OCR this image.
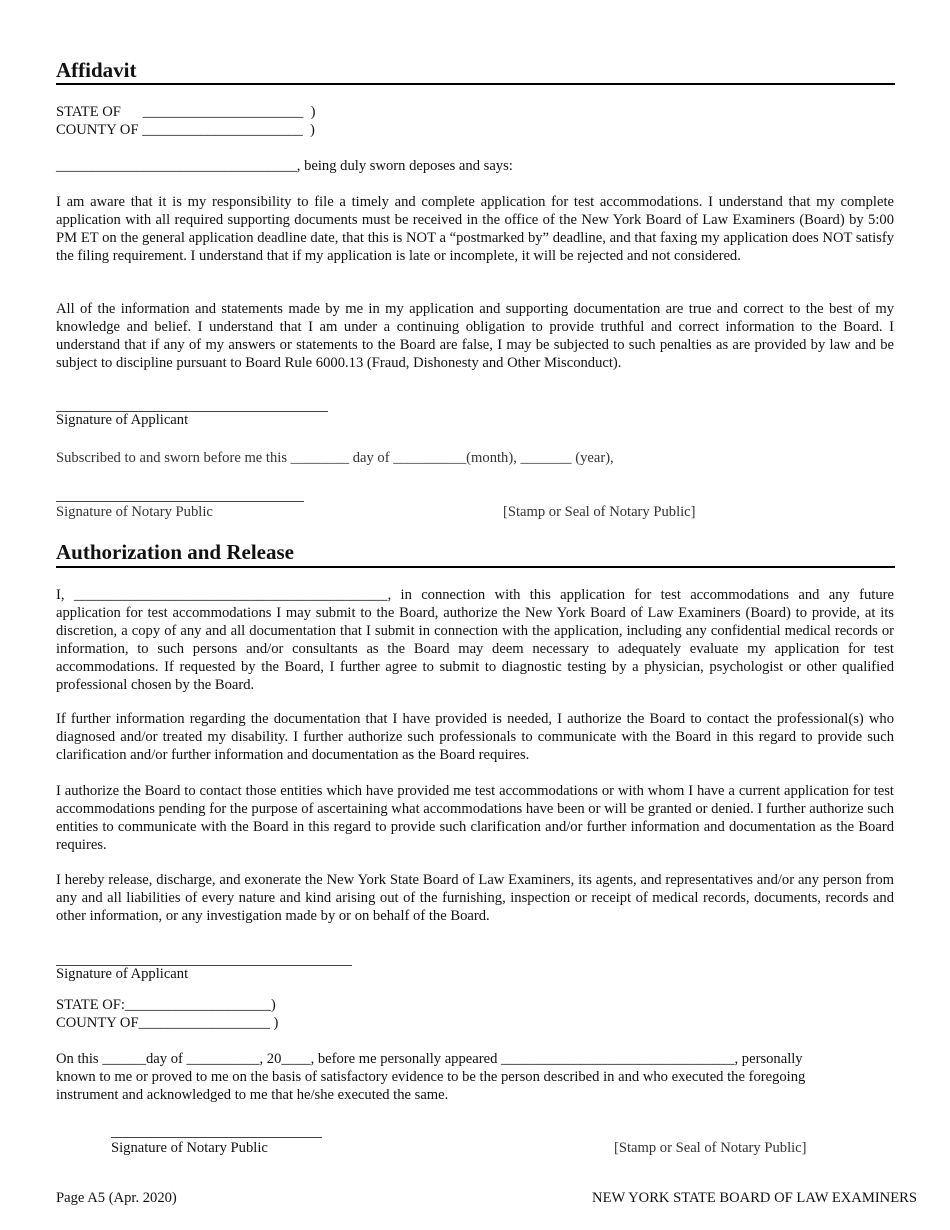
Affidavit
STATE OF      ______________________  )
COUNTY OF ______________________  )
_________________________________, being duly sworn deposes and says:

I am aware that it is my responsibility to file a timely and complete application for test accommodations. I understand that my complete application with all required supporting documents must be received in the office of the New York Board of Law Examiners (Board) by 5:00 PM ET on the general application deadline date, that this is NOT a “postmarked by” deadline, and that faxing my application does NOT satisfy the filing requirement. I understand that if my application is late or incomplete, it will be rejected and not considered.

All of the information and statements made by me in my application and supporting documentation are true and correct to the best of my knowledge and belief. I understand that I am under a continuing obligation to provide truthful and correct information to the Board. I understand that if any of my answers or statements to the Board are false, I may be subjected to such penalties as are provided by law and be subject to discipline pursuant to Board Rule 6000.13 (Fraud, Dishonesty and Other Misconduct).

Signature of Applicant
Subscribed to and sworn before me this ________ day of __________(month), _______ (year),
Signature of Notary Public	[Stamp or Seal of Notary Public]
Authorization and Release

I, ___________________________________________, in connection with this application for test accommodations and any future application for test accommodations I may submit to the Board, authorize the New York Board of Law Examiners (Board) to provide, at its discretion, a copy of any and all documentation that I submit in connection with the application, including any confidential medical records or information, to such persons and/or consultants as the Board may deem necessary to adequately evaluate my application for test accommodations. If requested by the Board, I further agree to submit to diagnostic testing by a physician, psychologist or other qualified professional chosen by the Board.

If further information regarding the documentation that I have provided is needed, I authorize the Board to contact the professional(s) who diagnosed and/or treated my disability. I further authorize such professionals to communicate with the Board in this regard to provide such clarification and/or further information and documentation as the Board requires.

I authorize the Board to contact those entities which have provided me test accommodations or with whom I have a current application for test accommodations pending for the purpose of ascertaining what accommodations have been or will be granted or denied. I further authorize such entities to communicate with the Board in this regard to provide such clarification and/or further information and documentation as the Board requires.

I hereby release, discharge, and exonerate the New York State Board of Law Examiners, its agents, and representatives and/or any person from any and all liabilities of every nature and kind arising out of the furnishing, inspection or receipt of medical records, documents, records and other information, or any investigation made by or on behalf of the Board.

Signature of Applicant
STATE OF:____________________)
COUNTY OF__________________ )
On this ______day of __________, 20____, before me personally appeared ________________________________, personally
known to me or proved to me on the basis of satisfactory evidence to be the person described in and who executed the foregoing
instrument and acknowledged to me that he/she executed the same.
Signature of Notary Public	[Stamp or Seal of Notary Public]
Page A5 (Apr. 2020)	NEW YORK STATE BOARD OF LAW EXAMINERS
